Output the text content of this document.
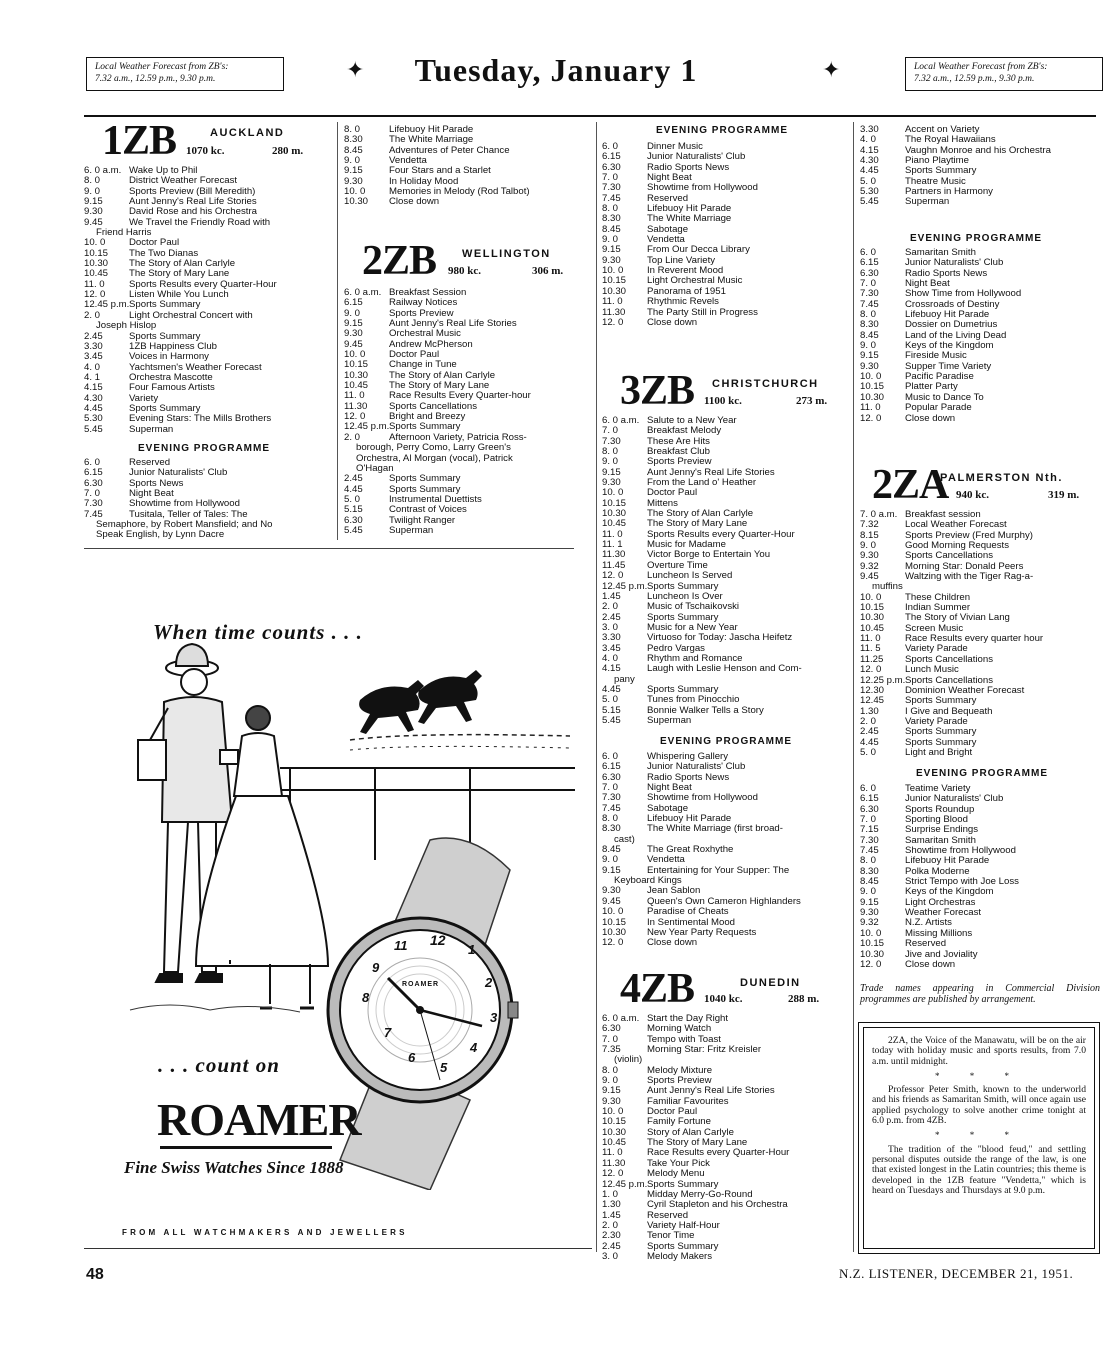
Local Weather Forecast from ZB's:
7.32 a.m., 12.59 p.m., 9.30 p.m.	✦	Tuesday, January 1	✦	Local Weather Forecast from ZB's:
7.32 a.m., 12.59 p.m., 9.30 p.m.
1ZB	AUCKLAND
1070 kc.	280 m.
6. 0 a.m. Wake Up to Phil
8. 0	District Weather Forecast
9. 0	Sports Preview (Bill Meredith)
9.15	Aunt Jenny's Real Life Stories
9.30	David Rose and his Orchestra
9.45	We Travel the Friendly Road with
Friend Harris
10. 0 Doctor Paul
10.15 The Two Dianas
10.30 The Story of Alan Carlyle
10.45 The Story of Mary Lane
11. 0	Sports Results every Quarter-Hour
12. 0 Listen While You Lunch
12.45 p.m. Sports Summary
2. 0	Light Orchestral Concert with
Joseph Hislop
2.45	Sports Summary
3.30	1ZB Happiness Club
3.45	Voices in Harmony
4. 0	Yachtsmen's Weather Forecast
4. 1	Orchestra Mascotte
4.15	Four Famous Artists
4.30	Variety
4.45	Sports Summary
5.30	Evening Stars: The Mills Brothers
5.45	Superman
EVENING PROGRAMME
6. 0	Reserved
6.15	Junior Naturalists' Club
6.30	Sports News
7. 0	Night Beat
7.30	Showtime from Hollywood
7.45	Tusitala, Teller of Tales: The
Semaphore, by Robert Mansfield; and No
Speak English, by Lynn Dacre
8. 0	Lifebuoy Hit Parade
8.30	The White Marriage
8.45	Adventures of Peter Chance
9. 0	Vendetta
9.15	Four Stars and a Starlet
9.30	In Holiday Mood
10. 0 Memories in Melody (Rod Talbot)
10.30 Close down
2ZB WELLINGTON
980 kc.	306 m.
6. 0 a.m. Breakfast Session
6.15	Railway Notices
9. 0	Sports Preview
9.15	Aunt Jenny's Real Life Stories
9.30	Orchestral Music
9.45	Andrew McPherson
10. 0 Doctor Paul
10.15 Change in Tune
10.30 The Story of Alan Carlyle
10.45 The Story of Mary Lane
11. 0	Race Results Every Quarter-hour
11.30 Sports Cancellations
12. 0 Bright and Breezy
12.45 p.m. Sports Summary
2. 0	Afternoon Variety, Patricia Ross-
borough, Perry Como, Larry Green's
Orchestra, Al Morgan (vocal), Patrick
O'Hagan
2.45	Sports Summary
4.45	Sports Summary
5. 0	Instrumental Duettists
5.15	Contrast of Voices
6.30	Twilight Ranger
5.45	Superman
EVENING PROGRAMME
6. 0	Dinner Music
6.15	Junior Naturalists' Club
6.30	Radio Sports News
7. 0	Night Beat
7.30	Showtime from Hollywood
7.45	Reserved
8. 0	Lifebuoy Hit Parade
8.30	The White Marriage
8.45	Sabotage
9. 0	Vendetta
9.15	From Our Decca Library
9.30	Top Line Variety
10. 0 In Reverent Mood
10.15 Light Orchestral Music
10.30 Panorama of 1951
11. 0	Rhythmic Revels
11.30 The Party Still in Progress
12. 0 Close down
3ZB CHRISTCHURCH
1100 kc.	273 m.
6. 0 a.m. Salute to a New Year
7. 0	Breakfast Melody
7.30	These Are Hits
8. 0	Breakfast Club
9. 0	Sports Preview
9.15	Aunt Jenny's Real Life Stories
9.30	From the Land o' Heather
10. 0 Doctor Paul
10.15 Mittens
10.30 The Story of Alan Carlyle
10.45 The Story of Mary Lane
11. 0	Sports Results every Quarter-Hour
11. 1	Music for Madame
11.30 Victor Borge to Entertain You
11.45 Overture Time
12. 0 Luncheon Is Served
12.45 p.m. Sports Summary
1.45	Luncheon Is Over
2. 0	Music of Tschaikovski
2.45	Sports Summary
3. 0	Music for a New Year
3.30	Virtuoso for Today: Jascha Heifetz
3.45	Pedro Vargas
4. 0	Rhythm and Romance
4.15	Laugh with Leslie Henson and Com-
pany
4.45	Sports Summary
5. 0	Tunes from Pinocchio
5.15	Bonnie Walker Tells a Story
5.45	Superman
EVENING PROGRAMME
6. 0	Whispering Gallery
6.15	Junior Naturalists' Club
6.30	Radio Sports News
7. 0	Night Beat
7.30	Showtime from Hollywood
7.45	Sabotage
8. 0	Lifebuoy Hit Parade
8.30	The White Marriage (first broad-
cast)
8.45	The Great Roxhythe
9. 0	Vendetta
9.15	Entertaining for Your Supper: The
Keyboard Kings
9.30	Jean Sablon
9.45	Queen's Own Cameron Highlanders
10. 0 Paradise of Cheats
10.15 In Sentimental Mood
10.30 New Year Party Requests
12. 0 Close down
4ZB	DUNEDIN
1040 kc.	288 m.
6. 0 a.m. Start the Day Right
6.30	Morning Watch
7. 0	Tempo with Toast
7.35	Morning Star: Fritz Kreisler
(violin)
8. 0	Melody Mixture
9. 0	Sports Preview
9.15	Aunt Jenny's Real Life Stories
9.30	Familiar Favourites
10. 0 Doctor Paul
10.15 Family Fortune
10.30 Story of Alan Carlyle
10.45 The Story of Mary Lane
11. 0	Race Results every Quarter-Hour
11.30 Take Your Pick
12. 0 Melody Menu
12.45 p.m. Sports Summary
1. 0	Midday Merry-Go-Round
1.30	Cyril Stapleton and his Orchestra
1.45	Reserved
2. 0	Variety Half-Hour
2.30	Tenor Time
2.45	Sports Summary
3. 0	Melody Makers
3.30	Accent on Variety
4. 0	The Royal Hawaiians
4.15	Vaughn Monroe and his Orchestra
4.30	Piano Playtime
4.45	Sports Summary
5. 0	Theatre Music
5.30	Partners in Harmony
5.45	Superman
EVENING PROGRAMME
6. 0	Samaritan Smith
6.15	Junior Naturalists' Club
6.30	Radio Sports News
7. 0	Night Beat
7.30	Show Time from Hollywood
7.45	Crossroads of Destiny
8. 0	Lifebuoy Hit Parade
8.30	Dossier on Dumetrius
8.45	Land of the Living Dead
9. 0	Keys of the Kingdom
9.15	Fireside Music
9.30	Supper Time Variety
10. 0 Pacific Paradise
10.15 Platter Party
10.30 Music to Dance To
11. 0	Popular Parade
12. 0 Close down
2ZA
PALMERSTON Nth.
940 kc.	319 m.
7. 0 a.m. Breakfast session
7.32	Local Weather Forecast
8.15	Sports Preview (Fred Murphy)
9. 0	Good Morning Requests
9.30	Sports Cancellations
9.32	Morning Star: Donald Peers
9.45	Waltzing with the Tiger Rag-a-
muffins
10. 0 These Children
10.15 Indian Summer
10.30 The Story of Vivian Lang
10.45 Screen Music
11. 0	Race Results every quarter hour
11. 5	Variety Parade
11.25 Sports Cancellations
12. 0 Lunch Music
12.25 p.m. Sports Cancellations
12.30 Dominion Weather Forecast
12.45 Sports Summary
1.30	I Give and Bequeath
2. 0	Variety Parade
2.45	Sports Summary
4.45	Sports Summary
5. 0	Light and Bright
EVENING PROGRAMME
6. 0	Teatime Variety
6.15	Junior Naturalists' Club
6.30	Sports Roundup
7. 0	Sporting Blood
7.15	Surprise Endings
7.30	Samaritan Smith
7.45	Showtime from Hollywood
8. 0	Lifebuoy Hit Parade
8.30	Polka Moderne
8.45	Strict Tempo with Joe Loss
9. 0	Keys of the Kingdom
9.15	Light Orchestras
9.30	Weather Forecast
9.32	N.Z. Artists
10. 0 Missing Millions
10.15 Reserved
10.30 Jive and Joviality
12. 0 Close down
Trade names appearing in Commercial Division programmes are published by arrangement.

2ZA, the Voice of the Manawatu, will be on the air today with holiday music and sports results, from 7.0 a.m. until midnight.

* * *

Professor Peter Smith, known to the underworld and his friends as Samaritan Smith, will once again use applied psychology to solve another crime tonight at 6.0 p.m. from 4ZB.

* * *

The tradition of the "blood feud," and settling personal disputes outside the range of the law, is one that existed longest in the Latin countries; this theme is developed in the 1ZB feature "Vendetta," which is heard on Tuesdays and Thursdays at 9.0 p.m.

When time counts . . .
ROAMER
11 12
1
2
3
4
5
6
7
8
9
. . . count on
ROAMER
Fine Swiss Watches Since 1888
FROM ALL WATCHMAKERS AND JEWELLERS
48	N.Z. LISTENER, DECEMBER 21, 1951.
